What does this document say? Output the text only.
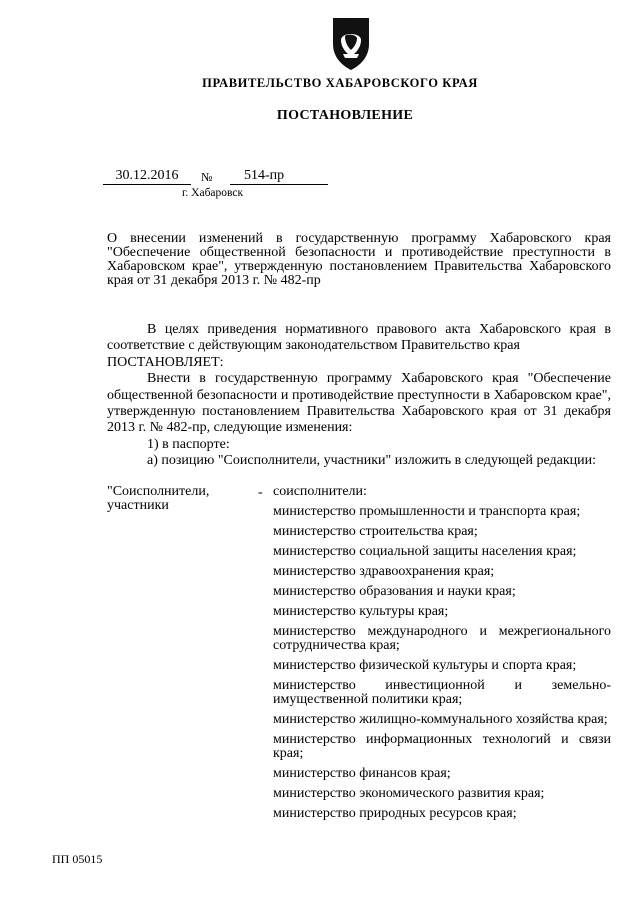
ПРАВИТЕЛЬСТВО ХАБАРОВСКОГО КРАЯ
ПОСТАНОВЛЕНИЕ
30.12.2016	№	514-пр
г. Хабаровск
О внесении изменений в государственную программу Хабаровского края "Обеспечение общественной безопасности и противодействие преступности в Хабаровском крае", утвержденную постановлением Правительства Хабаровского края от 31 декабря 2013 г. № 482-пр

В целях приведения нормативного правового акта Хабаровского края в соответствие с действующим законодательством Правительство края

ПОСТАНОВЛЯЕТ:

Внести в государственную программу Хабаровского края "Обеспечение общественной безопасности и противодействие преступности в Хабаровском крае", утвержденную постановлением Правительства Хабаровского края от 31 декабря 2013 г. № 482-пр, следующие изменения:

1) в паспорте:

а) позицию "Соисполнители, участники" изложить в следующей редакции:

"Соисполнители, участники
- соисполнители:
министерство промышленности и транспорта края;
министерство строительства края;
министерство социальной защиты населения края;
министерство здравоохранения края;
министерство образования и науки края;
министерство культуры края;
министерство международного и межрегионального сотрудничества края;
министерство физической культуры и спорта края;
министерство инвестиционной и земельно-имущественной политики края;
министерство жилищно-коммунального хозяйства края;
министерство информационных технологий и связи края;
министерство финансов края;
министерство экономического развития края;
министерство природных ресурсов края;
ПП 05015
